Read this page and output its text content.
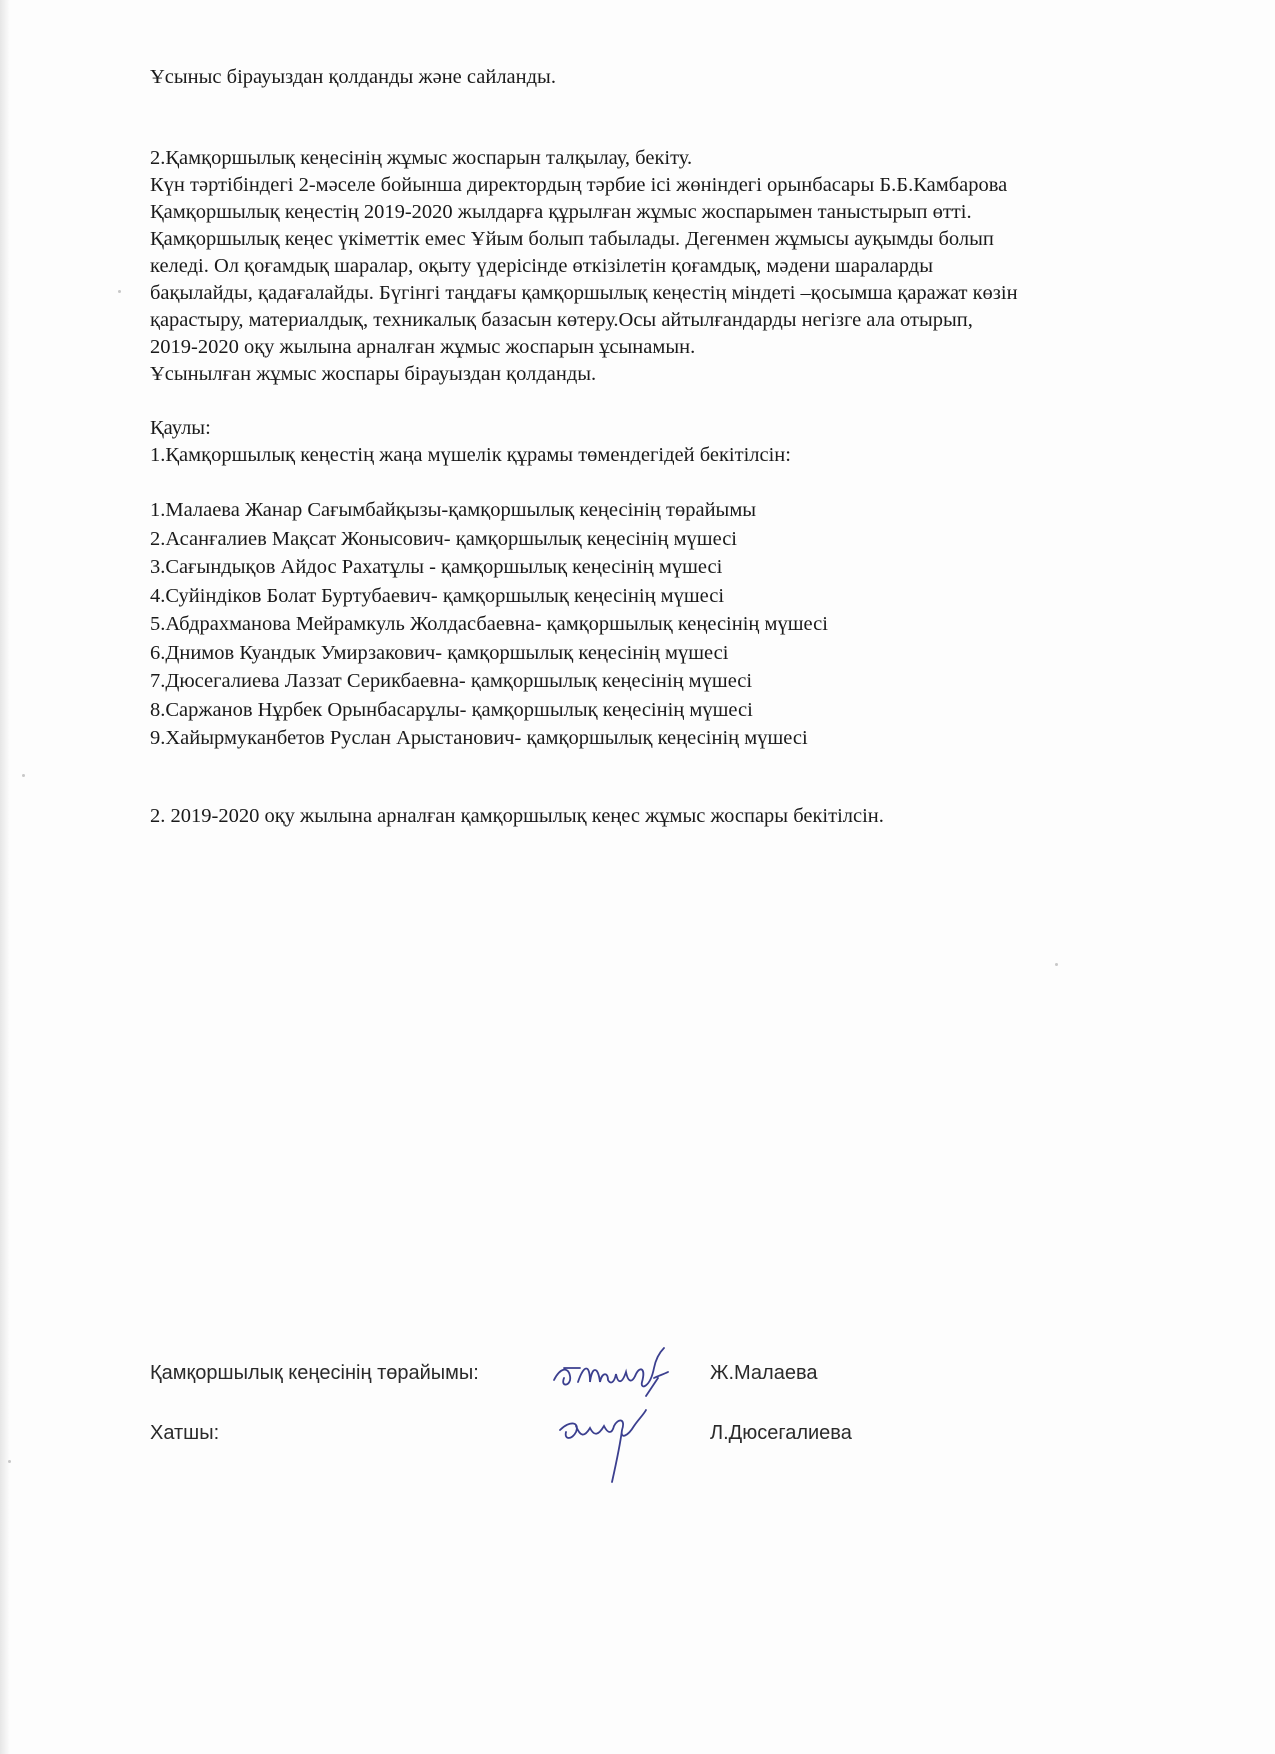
Ұсыныс бірауыздан қолданды және сайланды.

2.Қамқоршылық кеңесінің жұмыс жоспарын талқылау, бекіту.

Күн тәртібіндегі 2-мәселе бойынша директордың тәрбие ісі жөніндегі орынбасары Б.Б.Камбарова

Қамқоршылық кеңестің 2019-2020 жылдарға құрылған жұмыс жоспарымен таныстырып өтті.

Қамқоршылық кеңес үкіметтік емес Ұйым болып табылады. Дегенмен жұмысы ауқымды болып

келеді. Ол қоғамдық шаралар, оқыту үдерісінде өткізілетін қоғамдық, мәдени шараларды

бақылайды, қадағалайды. Бүгінгі таңдағы қамқоршылық кеңестің міндеті –қосымша қаражат көзін

қарастыру, материалдық, техникалық базасын көтеру.Осы айтылғандарды негізге ала отырып,

2019-2020 оқу жылына арналған жұмыс жоспарын ұсынамын.

Ұсынылған жұмыс жоспары бірауыздан қолданды.

Қаулы:

1.Қамқоршылық кеңестің жаңа мүшелік құрамы төмендегідей бекітілсін:

1.Малаева Жанар Сағымбайқызы-қамқоршылық кеңесінің төрайымы
2.Асанғалиев Мақсат Жонысович- қамқоршылық кеңесінің мүшесі
3.Сағындықов Айдос Рахатұлы - қамқоршылық кеңесінің мүшесі
4.Суйіндіков Болат Буртубаевич- қамқоршылық кеңесінің мүшесі
5.Абдрахманова Мейрамкуль Жолдасбаевна- қамқоршылық кеңесінің мүшесі
6.Днимов Куандык Умирзакович- қамқоршылық кеңесінің мүшесі
7.Дюсегалиева Лаззат Серикбаевна- қамқоршылық кеңесінің мүшесі
8.Саржанов Нұрбек Орынбасарұлы- қамқоршылық кеңесінің мүшесі
9.Хайырмуканбетов Руслан Арыстанович- қамқоршылық кеңесінің мүшесі

2. 2019-2020 оқу жылына арналған қамқоршылық кеңес жұмыс жоспары бекітілсін.

Қамқоршылық кеңесінің төрайымы:	Ж.Малаева
Хатшы:	Л.Дюсегалиева
